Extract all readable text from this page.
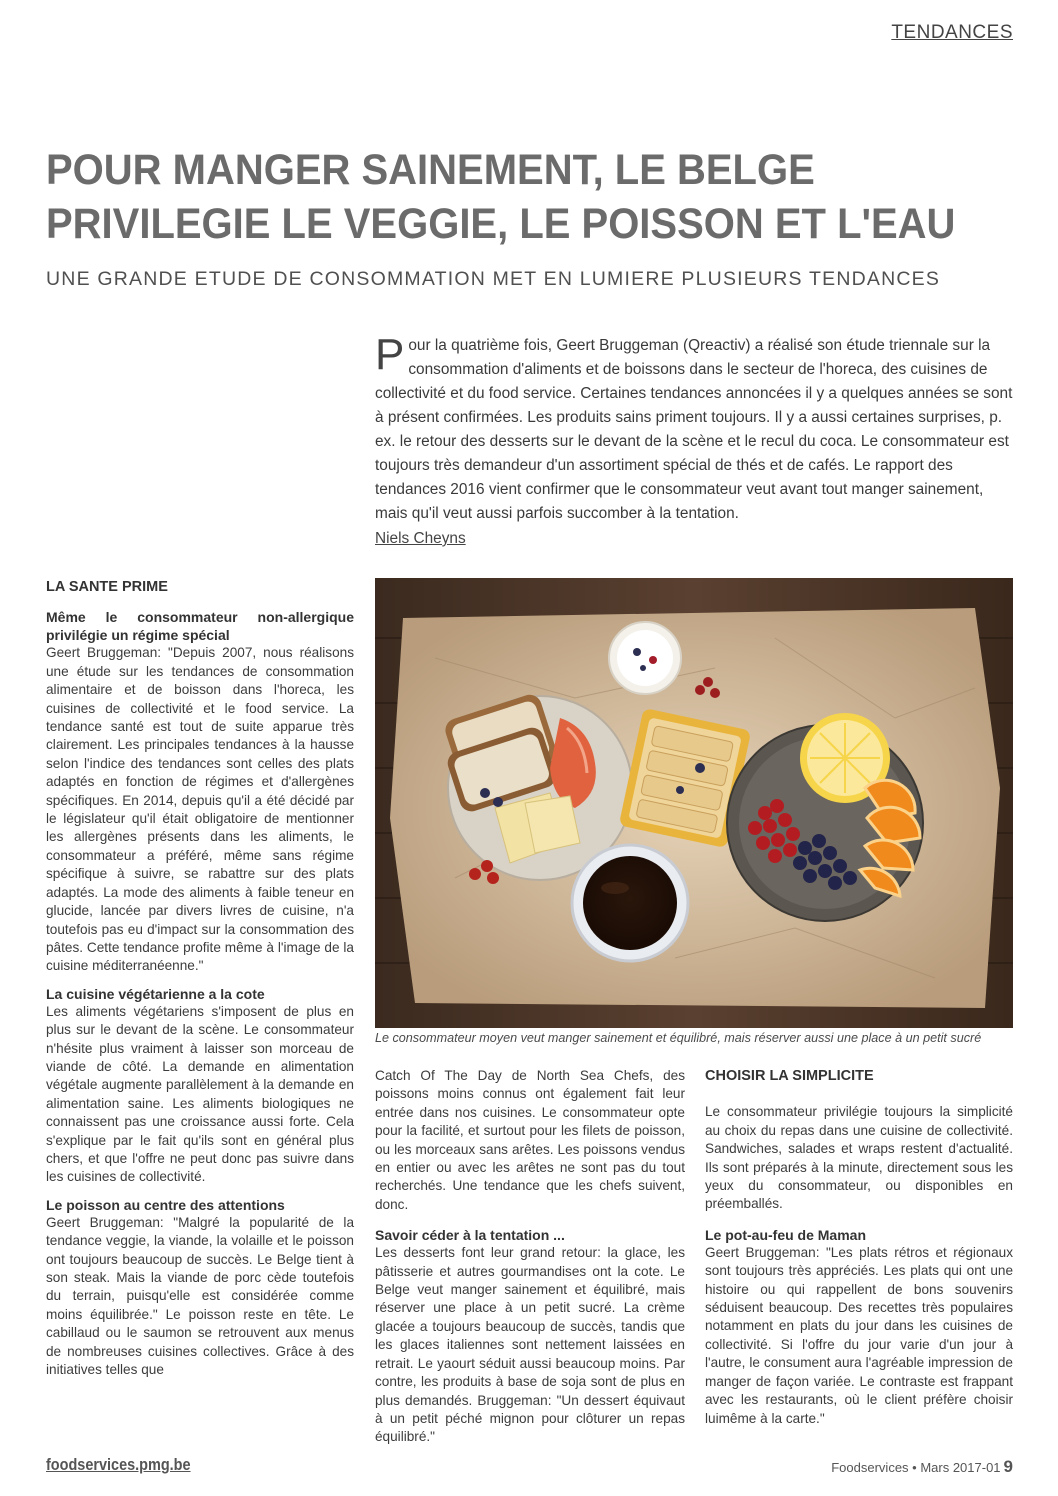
TENDANCES
POUR MANGER SAINEMENT, LE BELGE
PRIVILEGIE LE VEGGIE, LE POISSON ET L'EAU
UNE GRANDE ETUDE DE CONSOMMATION MET EN LUMIERE PLUSIEURS TENDANCES

Pour la quatrième fois, Geert Bruggeman (Qreactiv) a réalisé son étude triennale sur la consommation d'aliments et de boissons dans le secteur de l'horeca, des cuisines de collectivité et du food service. Certaines tendances annoncées il y a quelques années se sont à présent confirmées. Les produits sains priment toujours. Il y a aussi certaines surprises, p. ex. le retour des desserts sur le devant de la scène et le recul du coca. Le consommateur est toujours très demandeur d'un assortiment spécial de thés et de cafés. Le rapport des tendances 2016 vient confirmer que le consommateur veut avant tout manger sainement, mais qu'il veut aussi parfois succomber à la tentation.

Niels Cheyns
LA SANTE PRIME
Même le consommateur non-allergique privilégie un régime spécial

Geert Bruggeman: "Depuis 2007, nous réalisons une étude sur les tendances de consommation alimentaire et de boisson dans l'horeca, les cuisines de collectivité et le food service. La tendance santé est tout de suite apparue très clairement. Les principales tendances à la hausse selon l'indice des tendances sont celles des plats adaptés en fonction de régimes et d'allergènes spécifiques. En 2014, depuis qu'il a été décidé par le législateur qu'il était obligatoire de mentionner les allergènes présents dans les aliments, le consommateur a préféré, même sans régime spécifique à suivre, se rabattre sur des plats adaptés. La mode des aliments à faible teneur en glucide, lancée par divers livres de cuisine, n'a toutefois pas eu d'impact sur la consommation des pâtes. Cette tendance profite même à l'image de la cuisine méditerranéenne."

La cuisine végétarienne a la cote

Les aliments végétariens s'imposent de plus en plus sur le devant de la scène. Le consommateur n'hésite plus vraiment à laisser son morceau de viande de côté. La demande en alimentation végétale augmente parallèlement à la demande en alimentation saine. Les aliments biologiques ne connaissent pas une croissance aussi forte. Cela s'explique par le fait qu'ils sont en général plus chers, et que l'offre ne peut donc pas suivre dans les cuisines de collectivité.

Le poisson au centre des attentions

Geert Bruggeman: "Malgré la popularité de la tendance veggie, la viande, la volaille et le poisson ont toujours beaucoup de succès. Le Belge tient à son steak. Mais la viande de porc cède toutefois du terrain, puisqu'elle est considérée comme moins équilibrée." Le poisson reste en tête. Le cabillaud ou le saumon se retrouvent aux menus de nombreuses cuisines collectives. Grâce à des initiatives telles que

Le consommateur moyen veut manger sainement et équilibré, mais réserver aussi une place à un petit sucré

Catch Of The Day de North Sea Chefs, des poissons moins connus ont également fait leur entrée dans nos cuisines. Le consommateur opte pour la facilité, et surtout pour les filets de poisson, ou les morceaux sans arêtes. Les poissons vendus en entier ou avec les arêtes ne sont pas du tout recherchés. Une tendance que les chefs suivent, donc.

Savoir céder à la tentation ...

Les desserts font leur grand retour: la glace, les pâtisserie et autres gourmandises ont la cote. Le Belge veut manger sainement et équilibré, mais réserver une place à un petit sucré. La crème glacée a toujours beaucoup de succès, tandis que les glaces italiennes sont nettement laissées en retrait. Le yaourt séduit aussi beaucoup moins. Par contre, les produits à base de soja sont de plus en plus demandés. Bruggeman: "Un dessert équivaut à un petit péché mignon pour clôturer un repas équilibré."

CHOISIR LA SIMPLICITE

Le consommateur privilégie toujours la simplicité au choix du repas dans une cuisine de collectivité. Sandwiches, salades et wraps restent d'actualité. Ils sont préparés à la minute, directement sous les yeux du consommateur, ou disponibles en préemballés.

Le pot-au-feu de Maman

Geert Bruggeman: "Les plats rétros et régionaux sont toujours très appréciés. Les plats qui ont une histoire ou qui rappellent de bons souvenirs séduisent beaucoup. Des recettes très populaires notamment en plats du jour dans les cuisines de collectivité. Si l'offre du jour varie d'un jour à l'autre, le consument aura l'agréable impression de manger de façon variée. Le contraste est frappant avec les restaurants, où le client préfère choisir luimême à la carte."

foodservices.pmg.be	Foodservices • Mars 2017-01 9
